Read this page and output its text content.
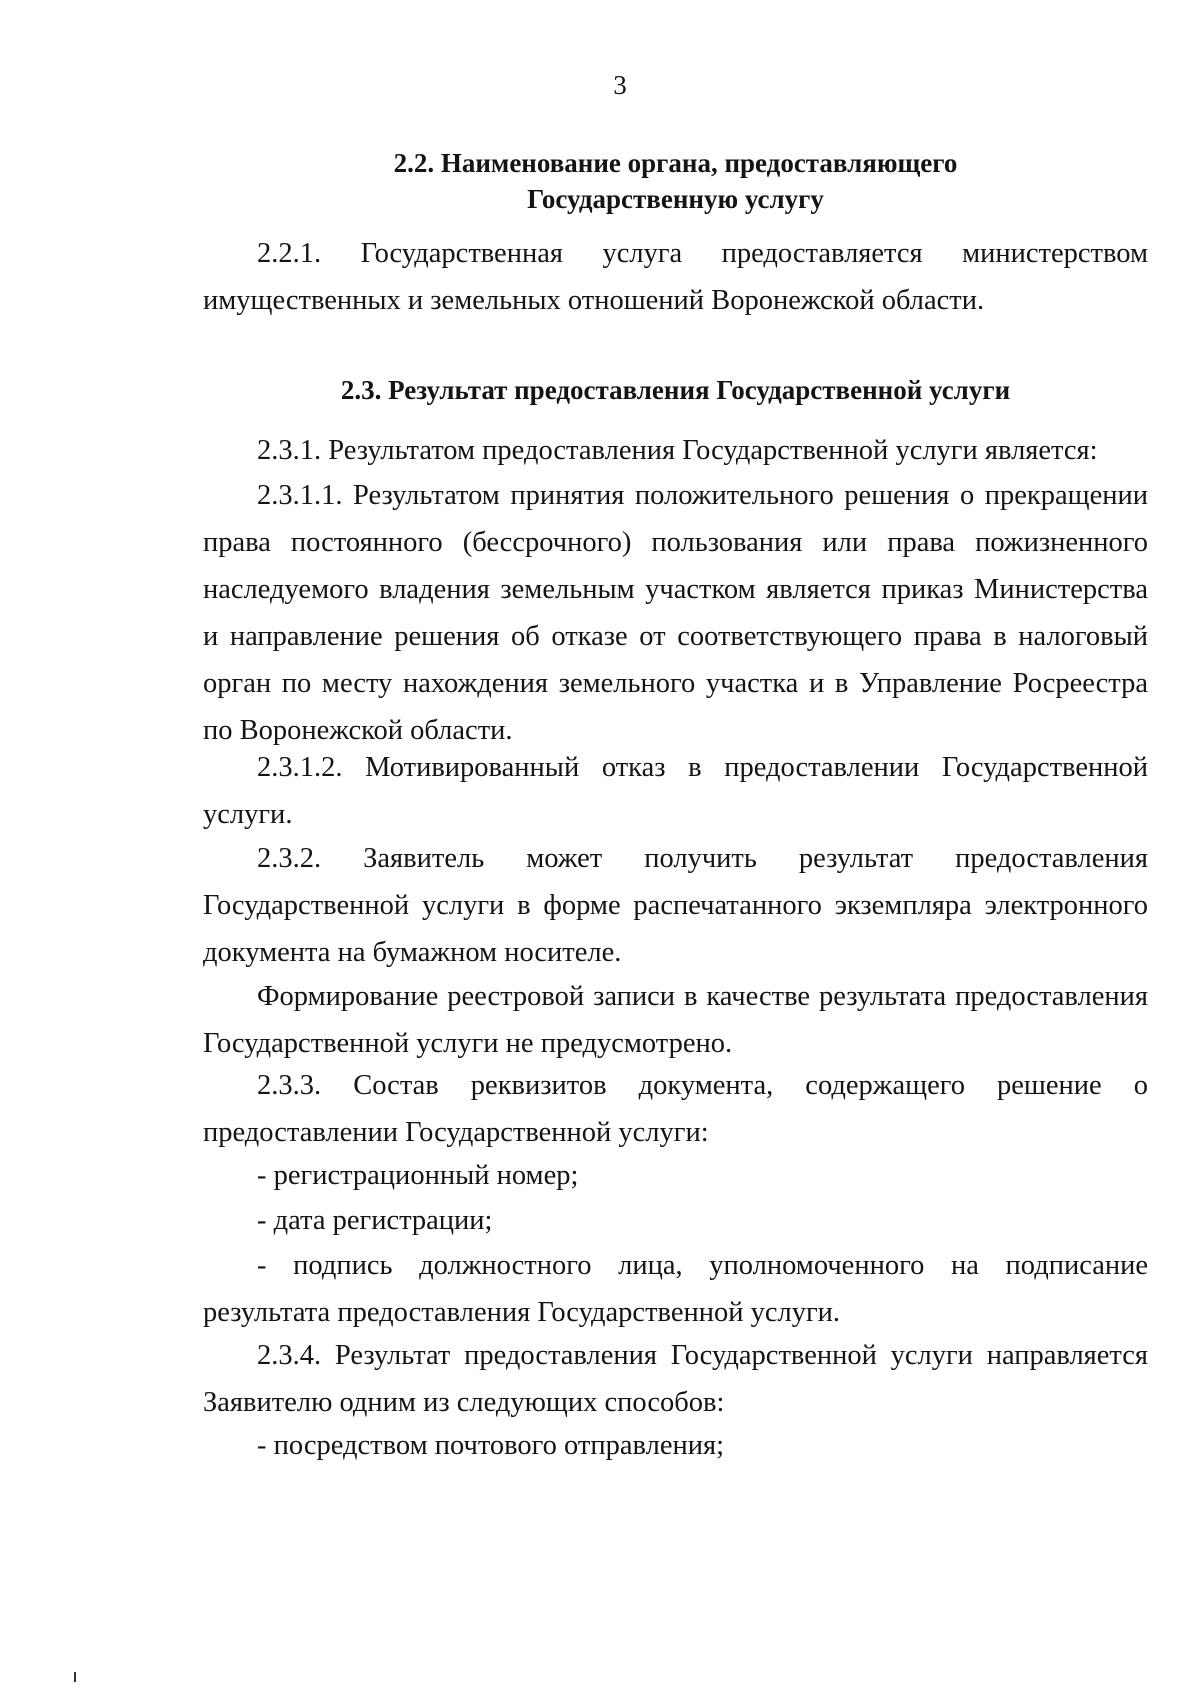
3
2.2. Наименование органа, предоставляющего
Государственную услугу
2.2.1. Государственная услуга предоставляется министерством имущественных и земельных отношений Воронежской области.
2.3. Результат предоставления Государственной услуги
2.3.1. Результатом предоставления Государственной услуги является:
2.3.1.1. Результатом принятия положительного решения о прекращении права постоянного (бессрочного) пользования или права пожизненного наследуемого владения земельным участком является приказ Министерства и направление решения об отказе от соответствующего права в налоговый орган по месту нахождения земельного участка и в Управление Росреестра по Воронежской области.
2.3.1.2. Мотивированный отказ в предоставлении Государственной услуги.
2.3.2. Заявитель может получить результат предоставления Государственной услуги в форме распечатанного экземпляра электронного документа на бумажном носителе.
Формирование реестровой записи в качестве результата предоставления Государственной услуги не предусмотрено.
2.3.3. Состав реквизитов документа, содержащего решение о предоставлении Государственной услуги:
- регистрационный номер;
- дата регистрации;
- подпись должностного лица, уполномоченного на подписание результата предоставления Государственной услуги.
2.3.4. Результат предоставления Государственной услуги направляется Заявителю одним из следующих способов:
- посредством почтового отправления;
